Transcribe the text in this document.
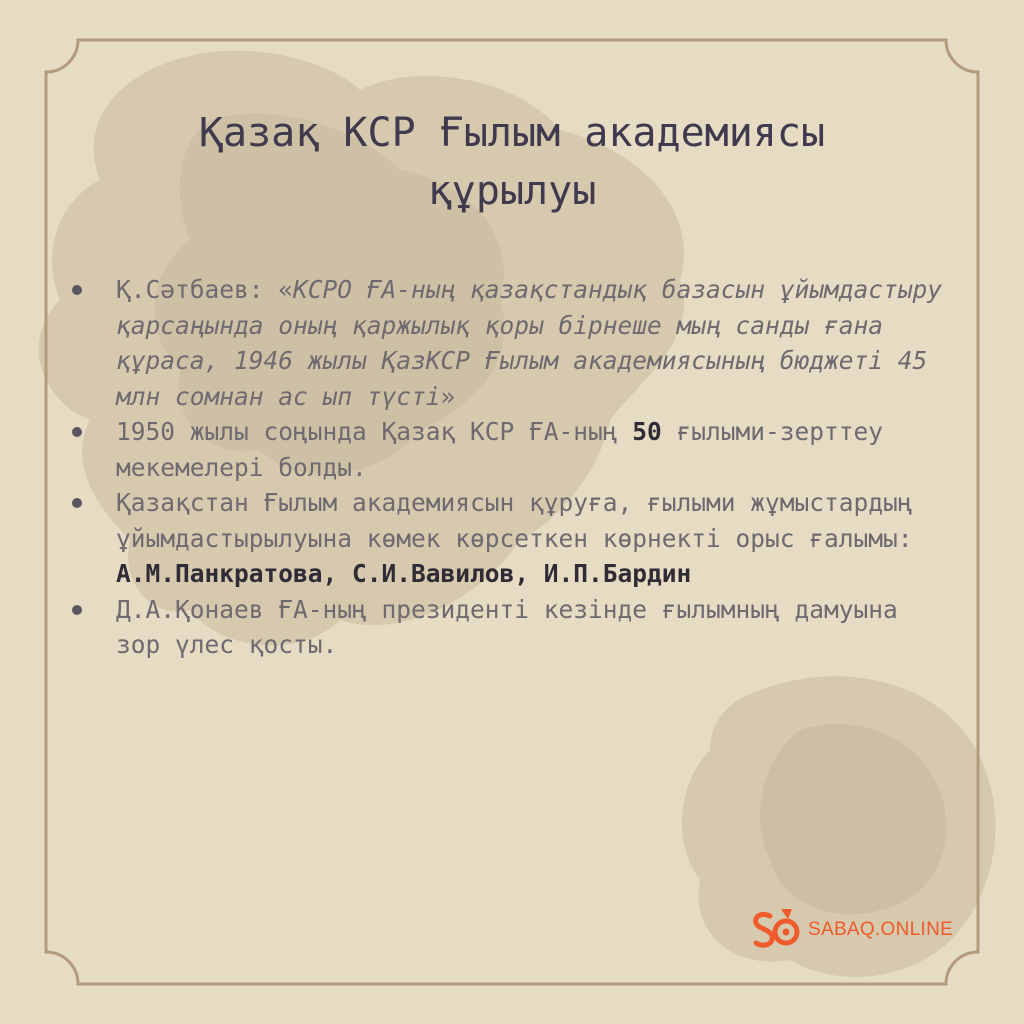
Қазақ КСР Ғылым академиясы
құрылуы
Қ.Сәтбаев: «КСРО ҒА-ның қазақстандық базасын ұйымдастыру қарсаңында оның қаржылық қоры бірнеше мың санды ғана құраса, 1946 жылы ҚазКСР Ғылым академиясының бюджеті 45 млн сомнан ас ып түсті»
1950 жылы соңында Қазақ КСР ҒА-ның 50 ғылыми-зерттеу мекемелері болды.
Қазақстан Ғылым академиясын құруға, ғылыми жұмыстардың ұйымдастырылуына көмек көрсеткен көрнекті орыс ғалымы: А.М.Панкратова, С.И.Вавилов, И.П.Бардин
Д.А.Қонаев ҒА-ның президенті кезінде ғылымның дамуына зор үлес қосты.
SABAQ.ONLINE
